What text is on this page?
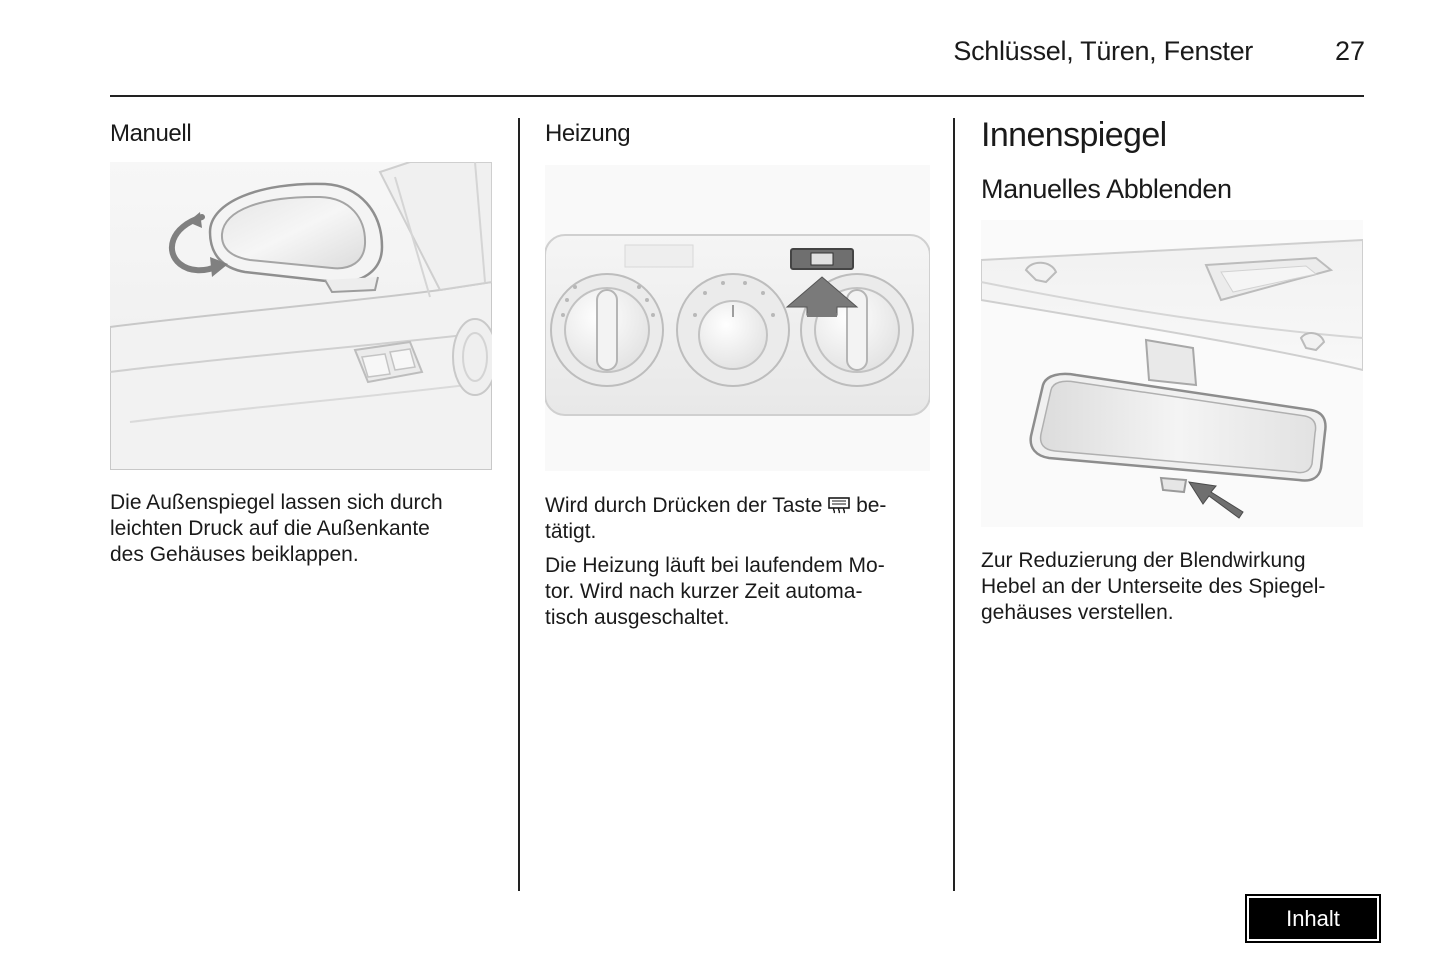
Schlüssel, Türen, Fenster	27
Manuell
Die Außenspiegel lassen sich durch
leichten Druck auf die Außenkante
des Gehäuses beiklappen.
Heizung
Wird durch Drücken der Taste  be-
tätigt.
Die Heizung läuft bei laufendem Mo-
tor. Wird nach kurzer Zeit automa-
tisch ausgeschaltet.
Innenspiegel
Manuelles Abblenden
Zur Reduzierung der Blendwirkung
Hebel an der Unterseite des Spiegel-
gehäuses verstellen.
Inhalt
